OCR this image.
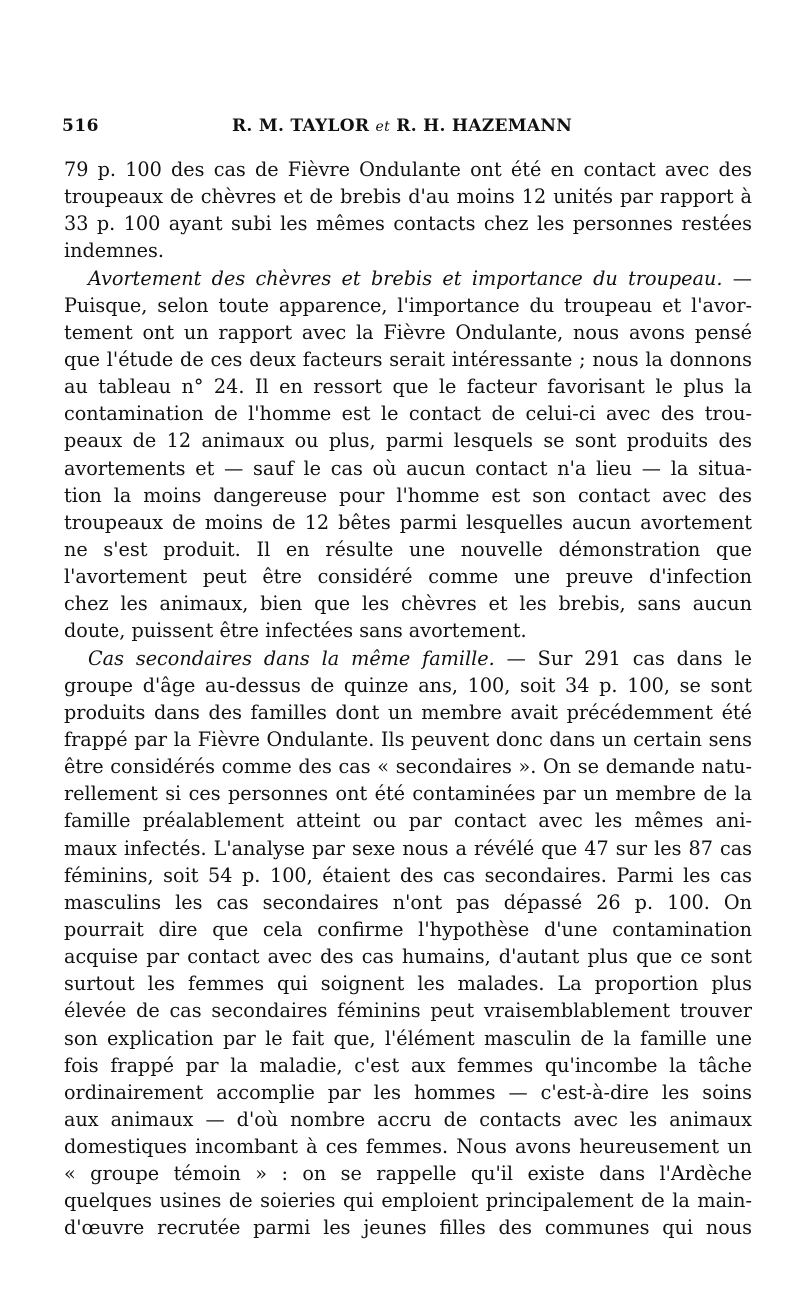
516	R. M. TAYLOR et R. H. HAZEMANN
79 p. 100 des cas de Fièvre Ondulante ont été en contact avec des
troupeaux de chèvres et de brebis d'au moins 12 unités par rapport à
33 p. 100 ayant subi les mêmes contacts chez les personnes restées
indemnes.
Avortement des chèvres et brebis et importance du troupeau. —
Puisque, selon toute apparence, l'importance du troupeau et l'avor-
tement ont un rapport avec la Fièvre Ondulante, nous avons pensé
que l'étude de ces deux facteurs serait intéressante ; nous la donnons
au tableau n° 24. Il en ressort que le facteur favorisant le plus la
contamination de l'homme est le contact de celui-ci avec des trou-
peaux de 12 animaux ou plus, parmi lesquels se sont produits des
avortements et — sauf le cas où aucun contact n'a lieu — la situa-
tion la moins dangereuse pour l'homme est son contact avec des
troupeaux de moins de 12 bêtes parmi lesquelles aucun avortement
ne s'est produit. Il en résulte une nouvelle démonstration que
l'avortement peut être considéré comme une preuve d'infection
chez les animaux, bien que les chèvres et les brebis, sans aucun
doute, puissent être infectées sans avortement.
Cas secondaires dans la même famille. — Sur 291 cas dans le
groupe d'âge au-dessus de quinze ans, 100, soit 34 p. 100, se sont
produits dans des familles dont un membre avait précédemment été
frappé par la Fièvre Ondulante. Ils peuvent donc dans un certain sens
être considérés comme des cas « secondaires ». On se demande natu-
rellement si ces personnes ont été contaminées par un membre de la
famille préalablement atteint ou par contact avec les mêmes ani-
maux infectés. L'analyse par sexe nous a révélé que 47 sur les 87 cas
féminins, soit 54 p. 100, étaient des cas secondaires. Parmi les cas
masculins les cas secondaires n'ont pas dépassé 26 p. 100. On
pourrait dire que cela confirme l'hypothèse d'une contamination
acquise par contact avec des cas humains, d'autant plus que ce sont
surtout les femmes qui soignent les malades. La proportion plus
élevée de cas secondaires féminins peut vraisemblablement trouver
son explication par le fait que, l'élément masculin de la famille une
fois frappé par la maladie, c'est aux femmes qu'incombe la tâche
ordinairement accomplie par les hommes — c'est-à-dire les soins
aux animaux — d'où nombre accru de contacts avec les animaux
domestiques incombant à ces femmes. Nous avons heureusement un
« groupe témoin » : on se rappelle qu'il existe dans l'Ardèche
quelques usines de soieries qui emploient principalement de la main-
d'œuvre recrutée parmi les jeunes filles des communes qui nous
